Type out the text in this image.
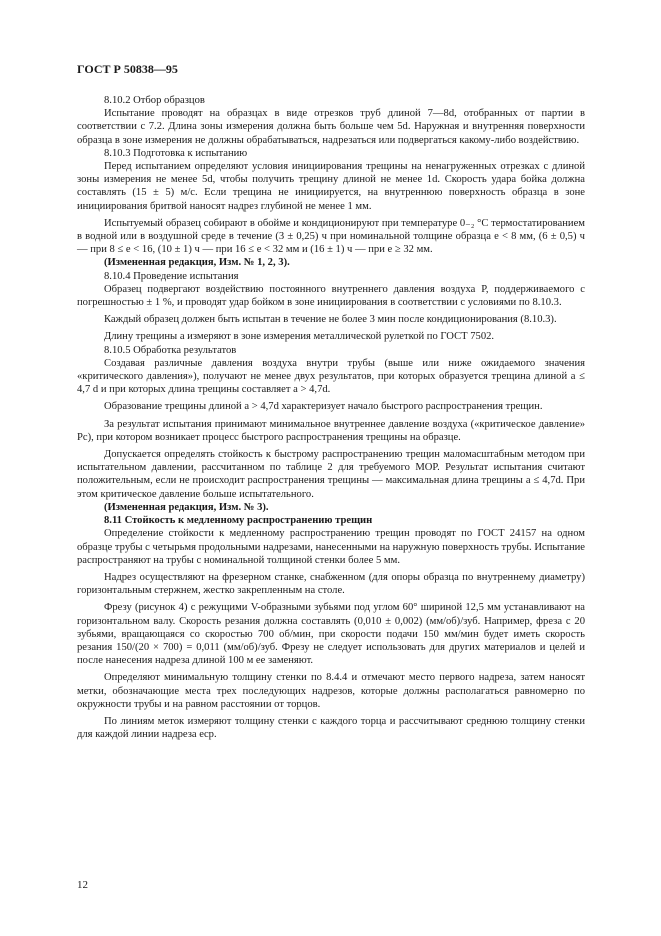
ГОСТ Р 50838—95

8.10.2 Отбор образцов

Испытание проводят на образцах в виде отрезков труб длиной 7—8d, отобранных от партии в соответствии с 7.2. Длина зоны измерения должна быть больше чем 5d. Наружная и внутренняя поверхности образца в зоне измерения не должны обрабатываться, надрезаться или подвергаться какому-либо воздействию.

8.10.3 Подготовка к испытанию

Перед испытанием определяют условия инициирования трещины на ненагруженных отрезках с длиной зоны измерения не менее 5d, чтобы получить трещину длиной не менее 1d. Скорость удара бойка должна составлять (15 ± 5) м/с. Если трещина не инициируется, на внутреннюю поверхность образца в зоне инициирования бритвой наносят надрез глубиной не менее 1 мм.

Испытуемый образец собирают в обойме и кондиционируют при температуре 0₋₂ °С термостатированием в водной или в воздушной среде в течение (3 ± 0,25) ч при номинальной толщине образца e < 8 мм, (6 ± 0,5) ч — при 8 ≤ e < 16, (10 ± 1) ч — при 16 ≤ e < 32 мм и (16 ± 1) ч — при e ≥ 32 мм.

(Измененная редакция, Изм. № 1, 2, 3).

8.10.4 Проведение испытания

Образец подвергают воздействию постоянного внутреннего давления воздуха P, поддерживаемого с погрешностью ± 1 %, и проводят удар бойком в зоне инициирования в соответствии с условиями по 8.10.3.

Каждый образец должен быть испытан в течение не более 3 мин после кондиционирования (8.10.3).

Длину трещины a измеряют в зоне измерения металлической рулеткой по ГОСТ 7502.

8.10.5 Обработка результатов

Создавая различные давления воздуха внутри трубы (выше или ниже ожидаемого значения «критического давления»), получают не менее двух результатов, при которых образуется трещина длиной a ≤ 4,7 d и при которых длина трещины составляет a > 4,7d.

Образование трещины длиной a > 4,7d характеризует начало быстрого распространения трещин.

За результат испытания принимают минимальное внутреннее давление воздуха («критическое давление» Pс), при котором возникает процесс быстрого распространения трещины на образце.

Допускается определять стойкость к быстрому распространению трещин маломасштабным методом при испытательном давлении, рассчитанном по таблице 2 для требуемого MOP. Результат испытания считают положительным, если не происходит распространения трещины — максимальная длина трещины a ≤ 4,7d. При этом критическое давление больше испытательного.

(Измененная редакция, Изм. № 3).

8.11 Стойкость к медленному распространению трещин

Определение стойкости к медленному распространению трещин проводят по ГОСТ 24157 на одном образце трубы с четырьмя продольными надрезами, нанесенными на наружную поверхность трубы. Испытание распространяют на трубы с номинальной толщиной стенки более 5 мм.

Надрез осуществляют на фрезерном станке, снабженном (для опоры образца по внутреннему диаметру) горизонтальным стержнем, жестко закрепленным на столе.

Фрезу (рисунок 4) с режущими V-образными зубьями под углом 60° шириной 12,5 мм устанавливают на горизонтальном валу. Скорость резания должна составлять (0,010 ± 0,002) (мм/об)/зуб. Например, фреза с 20 зубьями, вращающаяся со скоростью 700 об/мин, при скорости подачи 150 мм/мин будет иметь скорость резания 150/(20 × 700) = 0,011 (мм/об)/зуб. Фрезу не следует использовать для других материалов и целей и после нанесения надреза длиной 100 м ее заменяют.

Определяют минимальную толщину стенки по 8.4.4 и отмечают место первого надреза, затем наносят метки, обозначающие места трех последующих надрезов, которые должны располагаться равномерно по окружности трубы и на равном расстоянии от торцов.

По линиям меток измеряют толщину стенки с каждого торца и рассчитывают среднюю толщину стенки для каждой линии надреза eср.

12
